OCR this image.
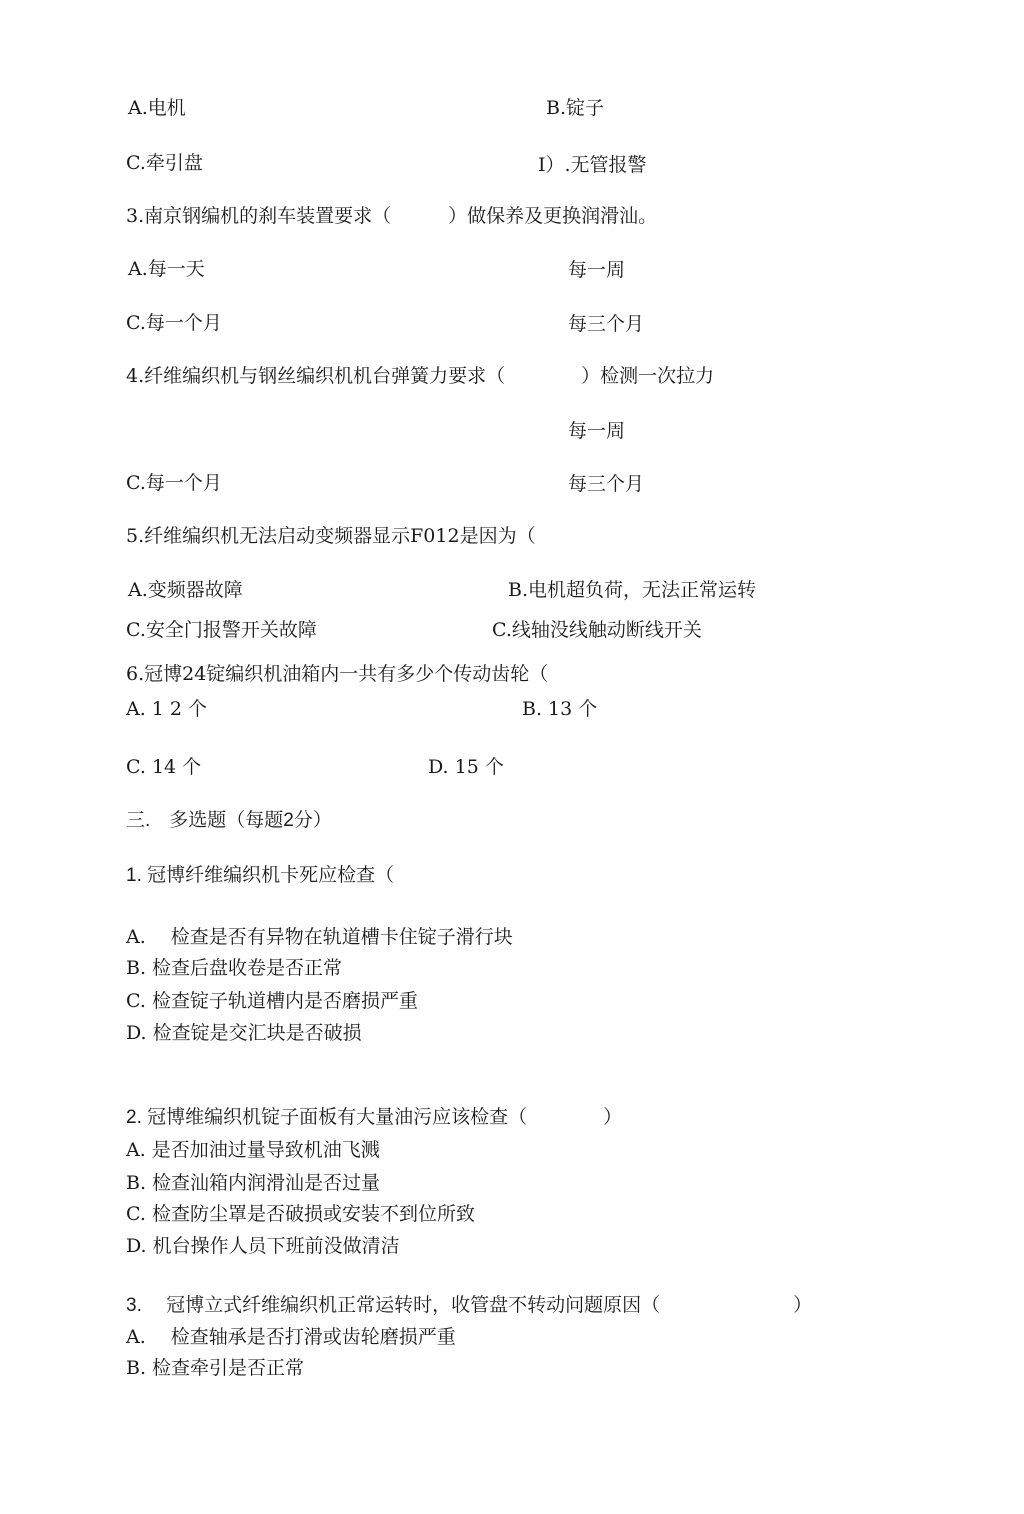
A.电机	B.锭子
C.牵引盘	I）.无管报警
3.南京钢编机的刹车装置要求（　　　）做保养及更换润滑汕。
A.每一天	每一周
C.每一个月	每三个月
4.纤维编织机与钢丝编织机机台弹簧力要求（　　　　）检测一次拉力
每一周
C.每一个月	每三个月
5.纤维编织机无法启动变频器显示F012是因为（
A.变频器故障	B.电机超负荷，无法正常运转
C.安全门报警开关故障	C.线轴没线触动断线开关
6.冠博24锭编织机油箱内一共有多少个传动齿轮（
A. 1 2 个	B. 13 个
C. 14 个	D. 15 个
三.　多选题（每题2分）
1. 冠博纤维编织机卡死应检查（
A.　 检查是否有异物在轨道槽卡住锭子滑行块
B. 检查后盘收卷是否正常
C. 检查锭子轨道槽内是否磨损严重
D. 检查锭是交汇块是否破损
2. 冠博维编织机锭子面板有大量油污应该检查（　　　　）
A. 是否加油过量导致机油飞溅
B. 检查汕箱内润滑汕是否过量
C. 检查防尘罩是否破损或安装不到位所致
D. 机台操作人员下班前没做清洁
3.　 冠博立式纤维编织机正常运转时，收管盘不转动问题原因（　　　　　　　）
A.　 检查轴承是否打滑或齿轮磨损严重
B. 检查牵引是否正常
